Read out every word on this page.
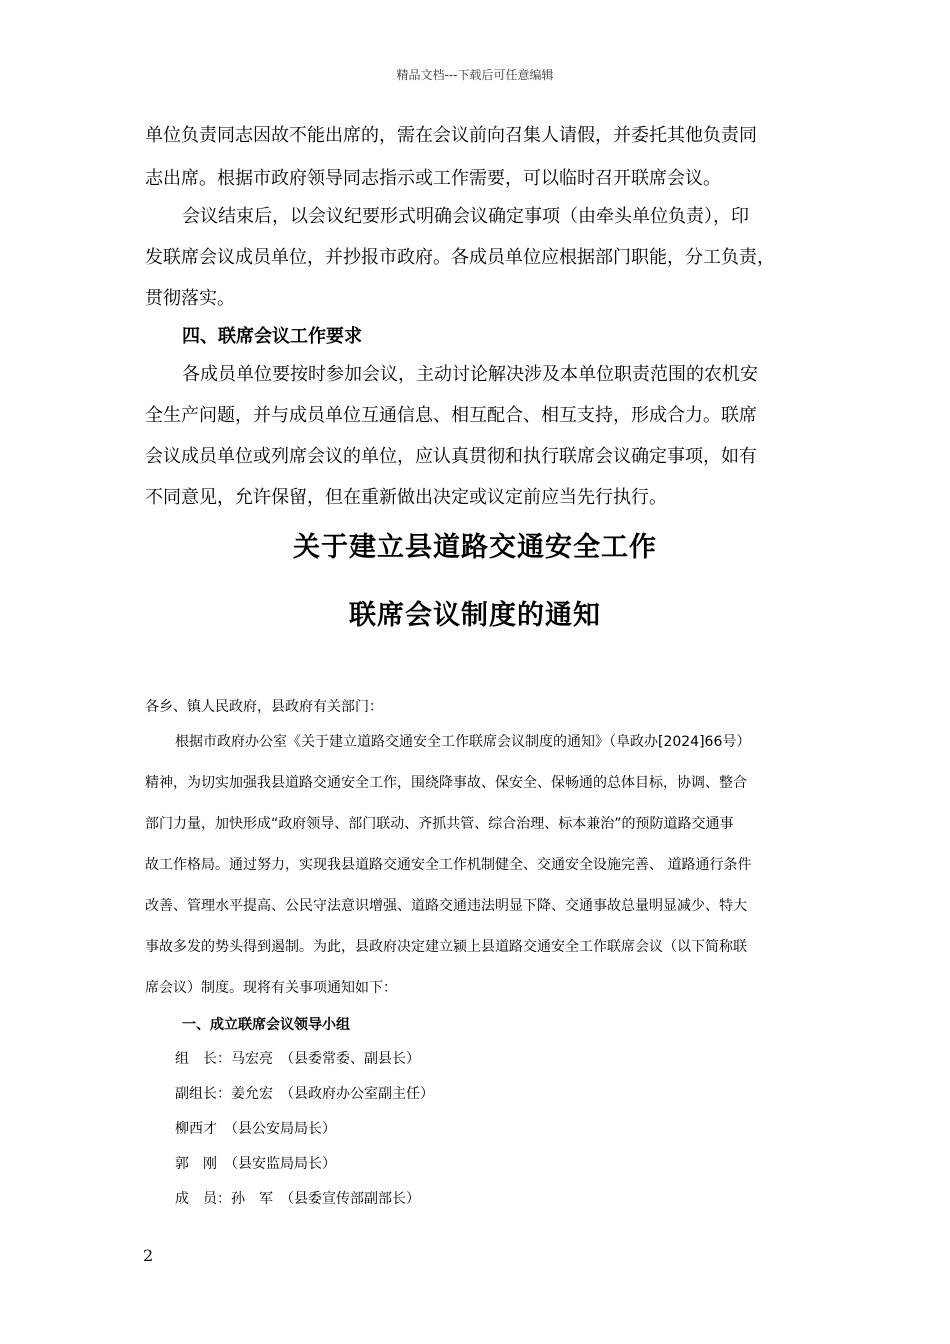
精品文档---下载后可任意编辑
单位负责同志因故不能出席的，需在会议前向召集人请假，并委托其他负责同
志出席。根据市政府领导同志指示或工作需要，可以临时召开联席会议。
会议结束后，以会议纪要形式明确会议确定事项（由牵头单位负责），印
发联席会议成员单位，并抄报市政府。各成员单位应根据部门职能，分工负责，
贯彻落实。
四、联席会议工作要求
各成员单位要按时参加会议，主动讨论解决涉及本单位职责范围的农机安
全生产问题，并与成员单位互通信息、相互配合、相互支持，形成合力。联席
会议成员单位或列席会议的单位，应认真贯彻和执行联席会议确定事项，如有
不同意见，允许保留，但在重新做出决定或议定前应当先行执行。
关于建立县道路交通安全工作
联席会议制度的通知
各乡、镇人民政府，县政府有关部门：
根据市政府办公室《关于建立道路交通安全工作联席会议制度的通知》（阜政办[2024]66号）
精神，为切实加强我县道路交通安全工作，围绕降事故、保安全、保畅通的总体目标，协调、整合
部门力量，加快形成“政府领导、部门联动、齐抓共管、综合治理、标本兼治”的预防道路交通事
故工作格局。通过努力，实现我县道路交通安全工作机制健全、交通安全设施完善、 道路通行条件
改善、管理水平提高、公民守法意识增强、道路交通违法明显下降、交通事故总量明显减少、特大
事故多发的势头得到遏制。为此，县政府决定建立颍上县道路交通安全工作联席会议（以下简称联
席会议）制度。现将有关事项通知如下：
一、成立联席会议领导小组
组　长：马宏亮　（县委常委、副县长）
副组长：姜允宏　（县政府办公室副主任）
柳西才　（县公安局局长）
郭　刚　（县安监局局长）
成　员：孙　军　（县委宣传部副部长）
2
